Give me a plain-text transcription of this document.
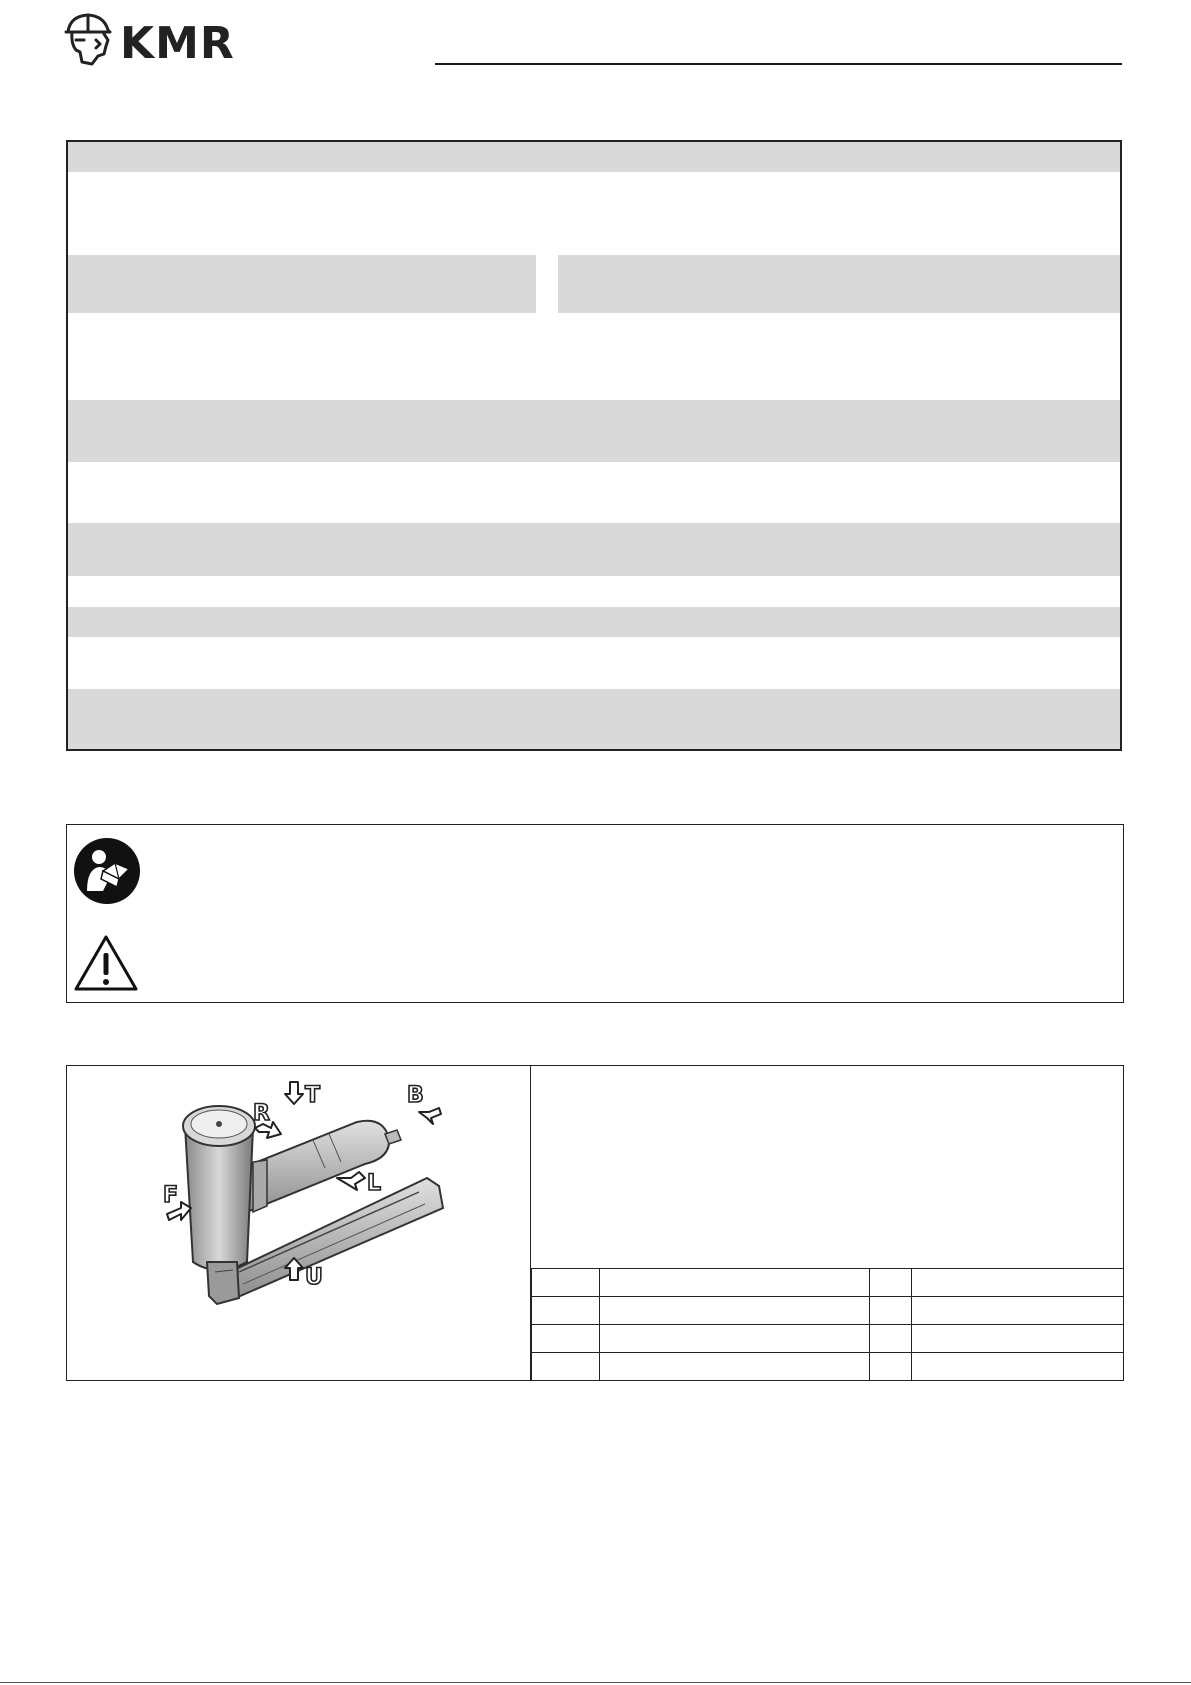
KMR
T	B
R
F	L
U
